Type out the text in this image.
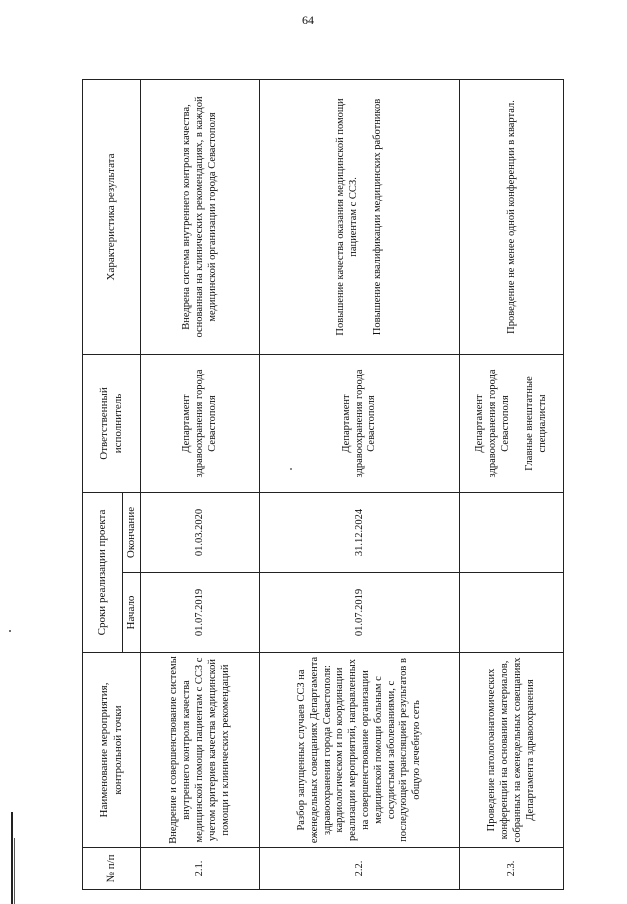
64
№ п/п	Наименование мероприятия, контрольной точки	Сроки реализации проекта		Ответственный исполнитель	Характеристика результата
		Начало	Окончание		
2.1.	Внедрение и совершенствование системы внутреннего контроля качества медицинской помощи пациентам с ССЗ с учетом критериев качества медицинской помощи и клинических рекомендаций	01.07.2019	01.03.2020	Департамент здравоохранения города Севастополя	Внедрена система внутреннего контроля качества, основанная на клинических рекомендациях, в каждой медицинской организации города Севастополя
2.2.	Разбор запущенных случаев ССЗ на еженедельных совещаниях Департамента здравоохранения города Севастополя: кардиологическом и по координации реализации мероприятий, направленных на совершенствование организации медицинской помощи больным с сосудистыми заболеваниями, с последующей трансляцией результатов в общую лечебную сеть	01.07.2019	31.12.2024	Департамент здравоохранения города Севастополя	Повышение качества оказания медицинской помощи пациентам с ССЗ. Повышение квалификации медицинских работников

2.3.	Проведение патологоанатомических конференций на основании материалов, собранных на еженедельных совещаниях Департамента здравоохранения			Департамент здравоохранения города Севастополя Главные внештатные специалисты	Проведение не менее одной конференции в квартал.
